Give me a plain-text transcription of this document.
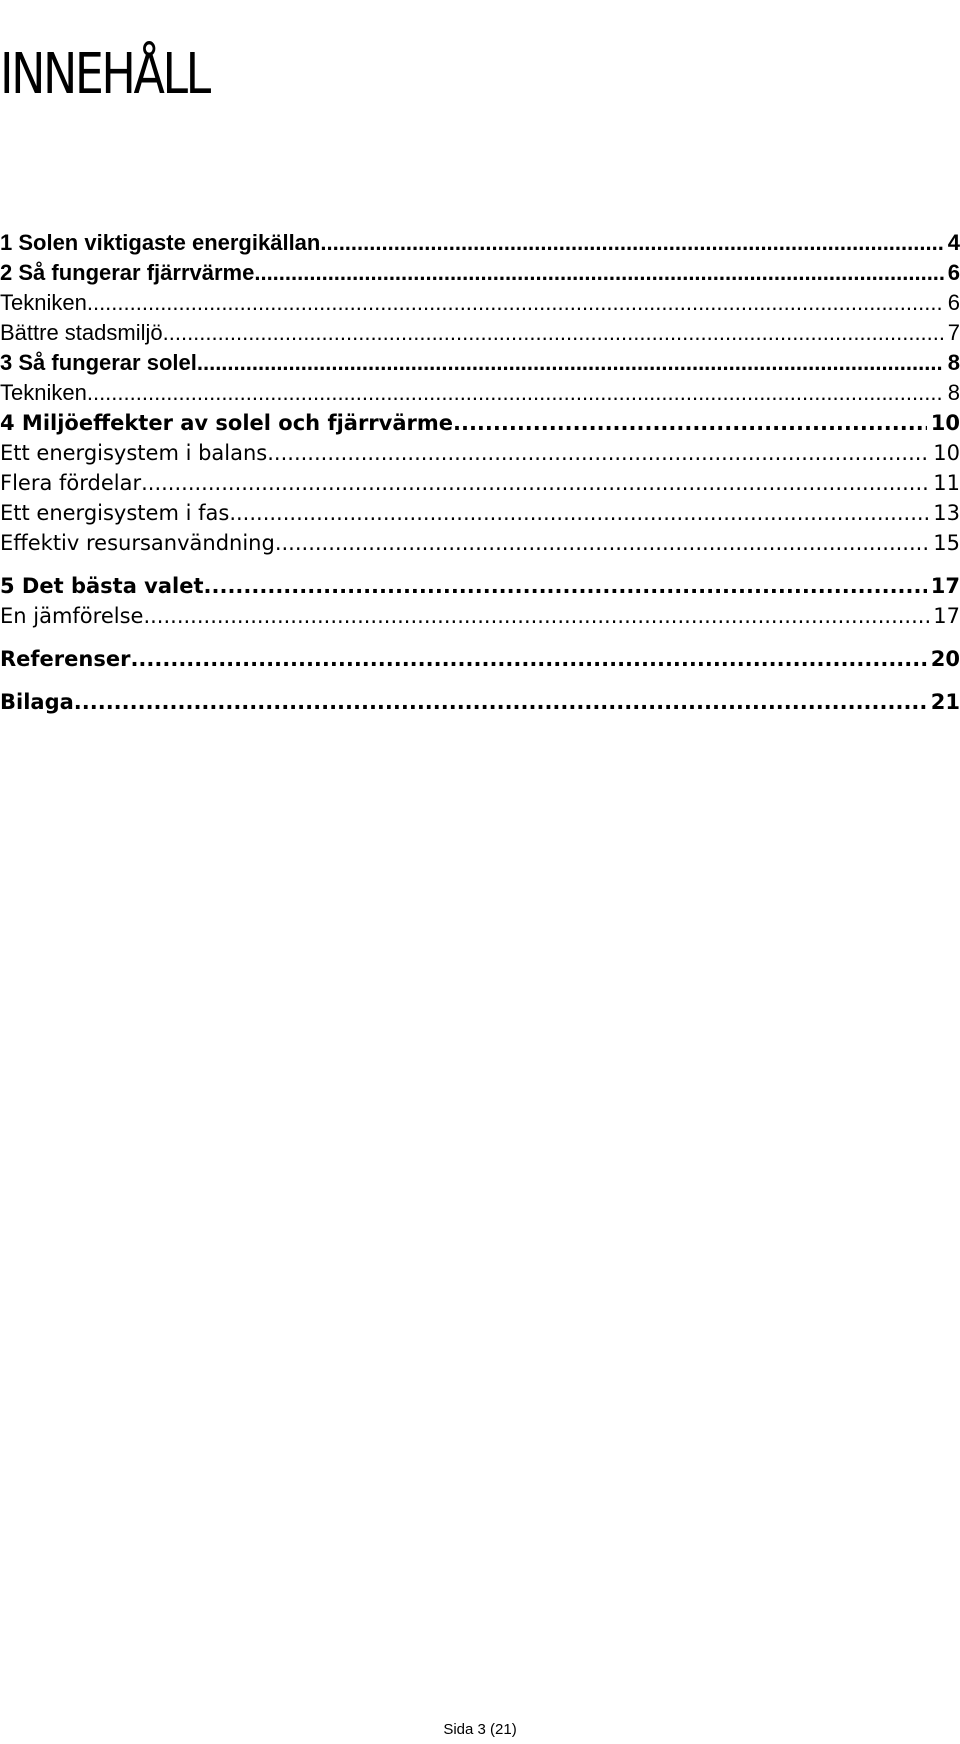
INNEHÅLL
1 Solen viktigaste energikällan .....	4
2 Så fungerar fjärrvärme .....	6
Tekniken .....	6
Bättre stadsmiljö .....	7
3 Så fungerar solel .....	8
Tekniken .....	8
4 Miljöeffekter av solel och fjärrvärme .....	10
Ett energisystem i balans .....	10
Flera fördelar .....	11
Ett energisystem i fas .....	13
Effektiv resursanvändning .....	15
5 Det bästa valet .....	17
En jämförelse .....	17
Referenser .....	20
Bilaga .....	21
Sida 3 (21)
